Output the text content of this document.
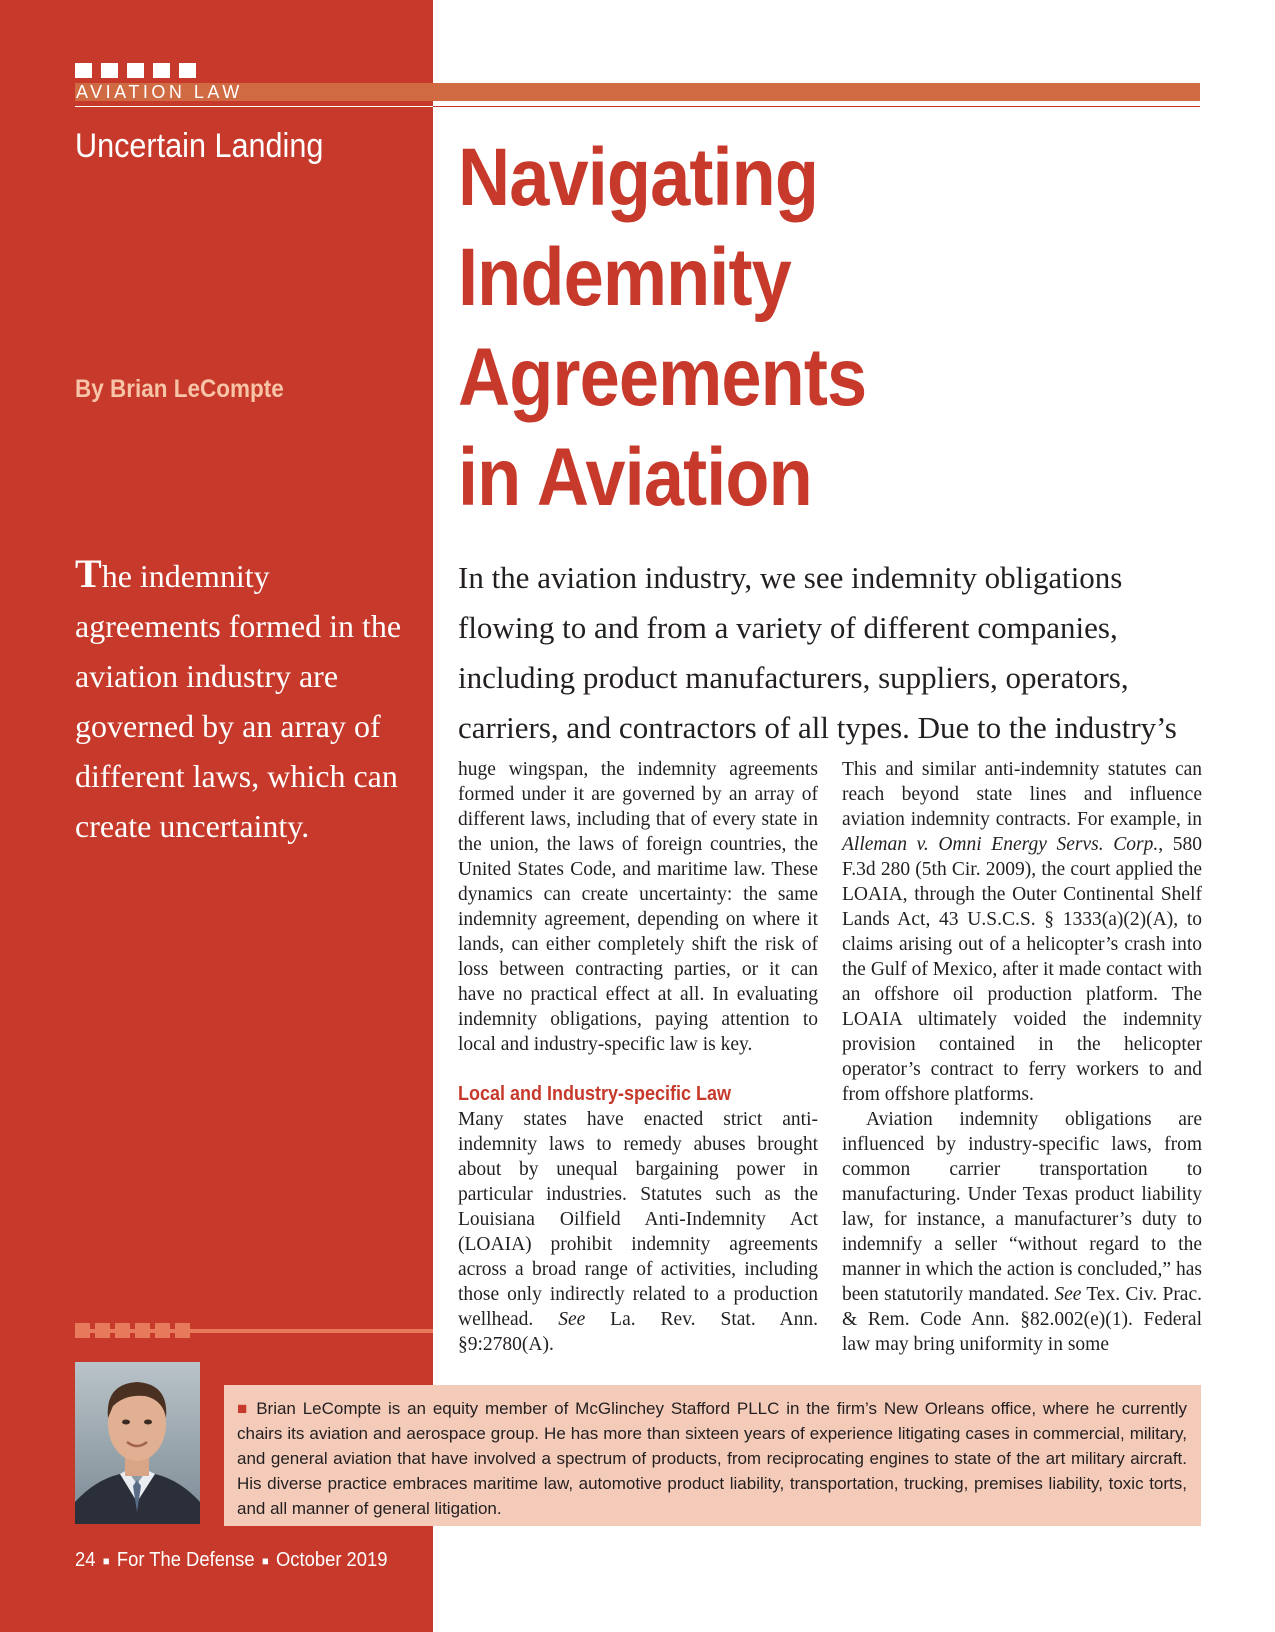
AVIATION LAW
Uncertain Landing
By Brian LeCompte
Navigating
Indemnity
Agreements
in Aviation
The indemnity agreements formed in the aviation industry are governed by an array of different laws, which can create uncertainty.
In the aviation industry, we see indemnity obligations
flowing to and from a variety of different companies,
including product manufacturers, suppliers, operators,
carriers, and contractors of all types. Due to the industry’s

huge wingspan, the indemnity agreements formed under it are governed by an array of different laws, including that of every state in the union, the laws of foreign countries, the United States Code, and maritime law. These dynamics can create uncertainty: the same indemnity agreement, depending on where it lands, can either completely shift the risk of loss between contracting parties, or it can have no practical effect at all. In evaluating indemnity obligations, paying attention to local and industry-specific law is key.

Local and Industry-specific Law

Many states have enacted strict anti-indemnity laws to remedy abuses brought about by unequal bargaining power in particular industries. Statutes such as the Louisiana Oilfield Anti-Indemnity Act (LOAIA) prohibit indemnity agreements across a broad range of activities, including those only indirectly related to a production wellhead. See La. Rev. Stat. Ann. §9:2780(A).

This and similar anti-indemnity statutes can reach beyond state lines and influence aviation indemnity contracts. For example, in Alleman v. Omni Energy Servs. Corp., 580 F.3d 280 (5th Cir. 2009), the court applied the LOAIA, through the Outer Continental Shelf Lands Act, 43 U.S.C.S. § 1333(a)(2)(A), to claims arising out of a helicopter’s crash into the Gulf of Mexico, after it made contact with an offshore oil production platform. The LOAIA ultimately voided the indemnity provision contained in the helicopter operator’s contract to ferry workers to and from offshore platforms.

Aviation indemnity obligations are influenced by industry-specific laws, from common carrier transportation to manufacturing. Under Texas product liability law, for instance, a manufacturer’s duty to indemnify a seller “without regard to the manner in which the action is concluded,” has been statutorily mandated. See Tex. Civ. Prac. & Rem. Code Ann. §82.002(e)(1). Federal law may bring uniformity in some

■ Brian LeCompte is an equity member of McGlinchey Stafford PLLC in the firm’s New Orleans office, where he currently chairs its aviation and aerospace group. He has more than sixteen years of experience litigating cases in commercial, military, and general aviation that have involved a spectrum of products, from reciprocating engines to state of the art military aircraft. His diverse practice embraces maritime law, automotive product liability, transportation, trucking, premises liability, toxic torts, and all manner of general litigation.
24 ■ For The Defense ■ October 2019
